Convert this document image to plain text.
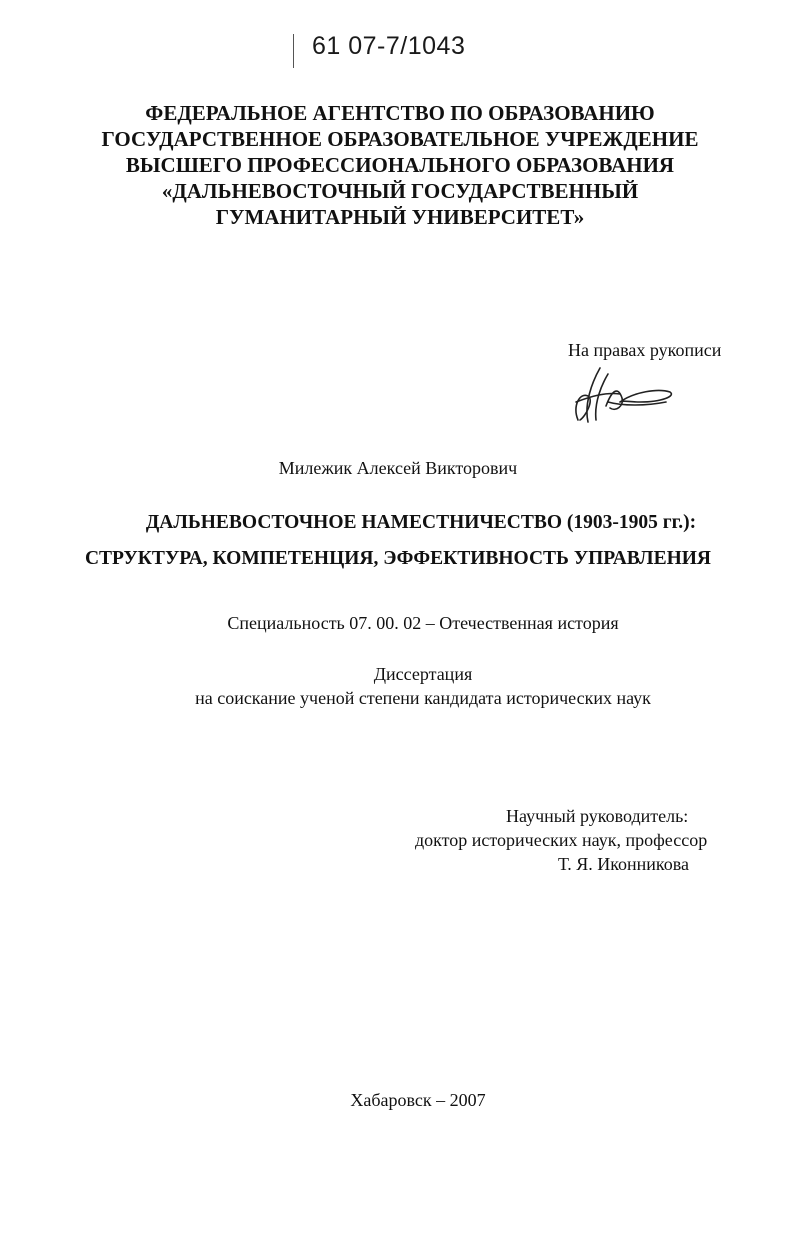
61 07-7/1043
ФЕДЕРАЛЬНОЕ АГЕНТСТВО ПО ОБРАЗОВАНИЮ
ГОСУДАРСТВЕННОЕ ОБРАЗОВАТЕЛЬНОЕ УЧРЕЖДЕНИЕ
ВЫСШЕГО ПРОФЕССИОНАЛЬНОГО ОБРАЗОВАНИЯ
«ДАЛЬНЕВОСТОЧНЫЙ ГОСУДАРСТВЕННЫЙ
ГУМАНИТАРНЫЙ УНИВЕРСИТЕТ»
На правах рукописи
Милежик Алексей Викторович
ДАЛЬНЕВОСТОЧНОЕ НАМЕСТНИЧЕСТВО (1903-1905 гг.):
СТРУКТУРА, КОМПЕТЕНЦИЯ, ЭФФЕКТИВНОСТЬ УПРАВЛЕНИЯ
Специальность 07. 00. 02 – Отечественная история
Диссертация
на соискание ученой степени кандидата исторических наук
Научный руководитель:
доктор исторических наук, профессор
Т. Я. Иконникова
Хабаровск – 2007
